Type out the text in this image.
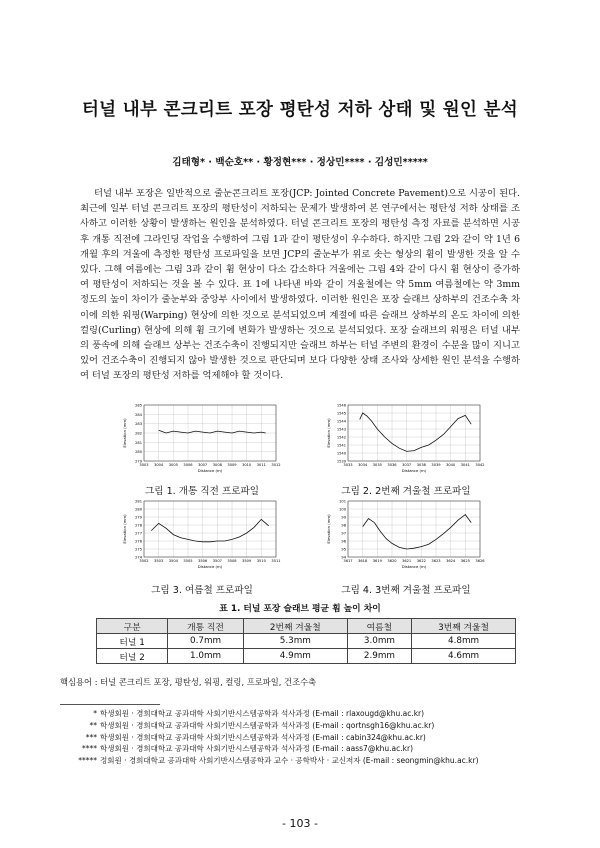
터널 내부 콘크리트 포장 평탄성 저하 상태 및 원인 분석
김태형* · 백순호** · 황정현*** · 정상민**** · 김성민*****

터널 내부 포장은 일반적으로 줄눈콘크리트 포장(JCP: Jointed Concrete Pavement)으로 시공이 된다. 최근에 일부 터널 콘크리트 포장의 평탄성이 저하되는 문제가 발생하여 본 연구에서는 평탄성 저하 상태를 조사하고 이러한 상황이 발생하는 원인을 분석하였다. 터널 콘크리트 포장의 평탄성 측정 자료를 분석하면 시공 후 개통 직전에 그라인딩 작업을 수행하여 그림 1과 같이 평탄성이 우수하다. 하지만 그림 2와 같이 약 1년 6개월 후의 겨울에 측정한 평탄성 프로파일을 보면 JCP의 줄눈부가 위로 솟는 형상의 휨이 발생한 것을 알 수 있다. 그해 여름에는 그림 3과 같이 휨 현상이 다소 감소하다 겨울에는 그림 4와 같이 다시 휨 현상이 증가하여 평탄성이 저하되는 것을 볼 수 있다. 표 1에 나타낸 바와 같이 겨울철에는 약 5mm 여름철에는 약 3mm 정도의 높이 차이가 줄눈부와 중앙부 사이에서 발생하였다. 이러한 원인은 포장 슬래브 상하부의 건조수축 차이에 의한 워핑(Warping) 현상에 의한 것으로 분석되었으며 계절에 따른 슬래브 상하부의 온도 차이에 의한 컬링(Curling) 현상에 의해 휨 크기에 변화가 발생하는 것으로 분석되었다. 포장 슬래브의 워핑은 터널 내부의 풍속에 의해 슬래브 상부는 건조수축이 진행되지만 슬래브 하부는 터널 주변의 환경이 수분을 많이 지니고 있어 건조수축이 진행되지 않아 발생한 것으로 판단되며 보다 다양한 상태 조사와 상세한 원인 분석을 수행하여 터널 포장의 평탄성 저하를 억제해야 할 것이다.

285
284
283
282
281
280
279
3003 3004 3005 3006 3007 3008 3009 3010 3011 3012
Distance (m)
Elevation (mm)
그림 1. 개통 직전 프로파일
1546
1545
1544
1543
1542
1541
1540
1539
3033 3034 3035 3036 3037 3038 3039 3040 3041 3042
Distance (m)
Elevation (mm)
그림 2. 2번째 겨울철 프로파일
281
280
279
278
277
276
275
274
3502 3503 3504 3505 3506 3507 3508 3509 3510 3511
Distance (m)
Elevation (mm)
그림 3. 여름철 프로파일
101
100
99
98
97
96
95
94
3617 3618 3619 3620 3621 3622 3623 3624 3625 3626
Distance (m)
Elevation (mm)
그림 4. 3번째 겨울철 프로파일
표 1. 터널 포장 슬래브 평균 휨 높이 차이
구분	개통 직전	2번째 겨울철	여름철	3번째 겨울철
터널 1	0.7mm	5.3mm	3.0mm	4.8mm
터널 2	1.0mm	4.9mm	2.9mm	4.6mm
핵심용어 : 터널 콘크리트 포장, 평탄성, 워핑, 컬링, 프로파일, 건조수축
* 학생회원 · 경희대학교 공과대학 사회기반시스템공학과 석사과정 (E-mail : rlaxougd@khu.ac.kr)
** 학생회원 · 경희대학교 공과대학 사회기반시스템공학과 석사과정 (E-mail : qortnsgh16@khu.ac.kr)
*** 학생회원 · 경희대학교 공과대학 사회기반시스템공학과 석사과정 (E-mail : cabin324@khu.ac.kr)
**** 학생회원 · 경희대학교 공과대학 사회기반시스템공학과 석사과정 (E-mail : aass7@khu.ac.kr)
***** 정회원 · 경희대학교 공과대학 사회기반시스템공학과 교수 · 공학박사 · 교신저자 (E-mail : seongmin@khu.ac.kr)
- 103 -
